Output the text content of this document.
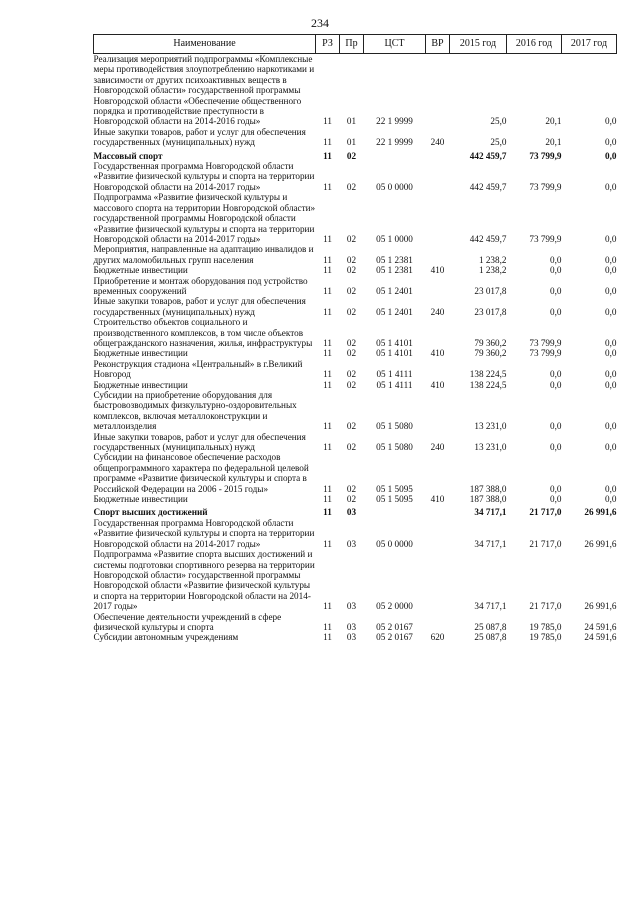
234
Наименование	РЗ	Пр	ЦСТ	ВР	2015 год	2016 год	2017 год
Реализация мероприятий подпрограммы «Комплексные меры противодействия злоупотреблению наркотиками и зависимости от других психоактивных веществ в Новгородской области» государственной программы Новгородской области «Обеспечение общественного порядка и противодействие преступности в Новгородской области на 2014-2016 годы»	11	01	22 1 9999		25,0	20,1	0,0
Иные закупки товаров, работ и услуг для обеспечения государственных (муниципальных) нужд	11	01	22 1 9999	240	25,0	20,1	0,0
Массовый спорт	11	02			442 459,7	73 799,9	0,0
Государственная программа Новгородской области «Развитие физической культуры и спорта на территории Новгородской области на 2014-2017 годы»	11	02	05 0 0000		442 459,7	73 799,9	0,0
Подпрограмма «Развитие физической культуры и массового спорта на территории Новгородской области» государственной программы Новгородской области «Развитие физической культуры и спорта на территории Новгородской области на 2014-2017 годы»	11	02	05 1 0000		442 459,7	73 799,9	0,0
Мероприятия, направленные на адаптацию инвалидов и других маломобильных групп населения	11	02	05 1 2381		1 238,2	0,0	0,0
Бюджетные инвестиции	11	02	05 1 2381	410	1 238,2	0,0	0,0
Приобретение и монтаж оборудования под устройство временных сооружений	11	02	05 1 2401		23 017,8	0,0	0,0
Иные закупки товаров, работ и услуг для обеспечения государственных (муниципальных) нужд	11	02	05 1 2401	240	23 017,8	0,0	0,0
Строительство объектов социального и производственного комплексов, в том числе объектов общегражданского назначения, жилья, инфраструктуры	11	02	05 1 4101		79 360,2	73 799,9	0,0
Бюджетные инвестиции	11	02	05 1 4101	410	79 360,2	73 799,9	0,0
Реконструкция стадиона «Центральный» в г.Великий Новгород	11	02	05 1 4111		138 224,5	0,0	0,0
Бюджетные инвестиции	11	02	05 1 4111	410	138 224,5	0,0	0,0
Субсидии на приобретение оборудования для быстровозводимых физкультурно-оздоровительных комплексов, включая металлоконструкции и металлоизделия	11	02	05 1 5080		13 231,0	0,0	0,0
Иные закупки товаров, работ и услуг для обеспечения государственных (муниципальных) нужд	11	02	05 1 5080	240	13 231,0	0,0	0,0
Субсидии на финансовое обеспечение расходов общепрограммного характера по федеральной целевой программе «Развитие физической культуры и спорта в Российской Федерации на 2006 - 2015 годы»	11	02	05 1 5095		187 388,0	0,0	0,0
Бюджетные инвестиции	11	02	05 1 5095	410	187 388,0	0,0	0,0
Спорт высших достижений	11	03			34 717,1	21 717,0	26 991,6
Государственная программа Новгородской области «Развитие физической культуры и спорта на территории Новгородской области на 2014-2017 годы»	11	03	05 0 0000		34 717,1	21 717,0	26 991,6
Подпрограмма «Развитие спорта высших достижений и системы подготовки спортивного резерва на территории Новгородской области» государственной программы Новгородской области «Развитие физической культуры и спорта на территории Новгородской области на 2014-2017 годы»	11	03	05 2 0000		34 717,1	21 717,0	26 991,6
Обеспечение деятельности учреждений в сфере физической культуры и спорта	11	03	05 2 0167		25 087,8	19 785,0	24 591,6
Субсидии автономным учреждениям	11	03	05 2 0167	620	25 087,8	19 785,0	24 591,6
